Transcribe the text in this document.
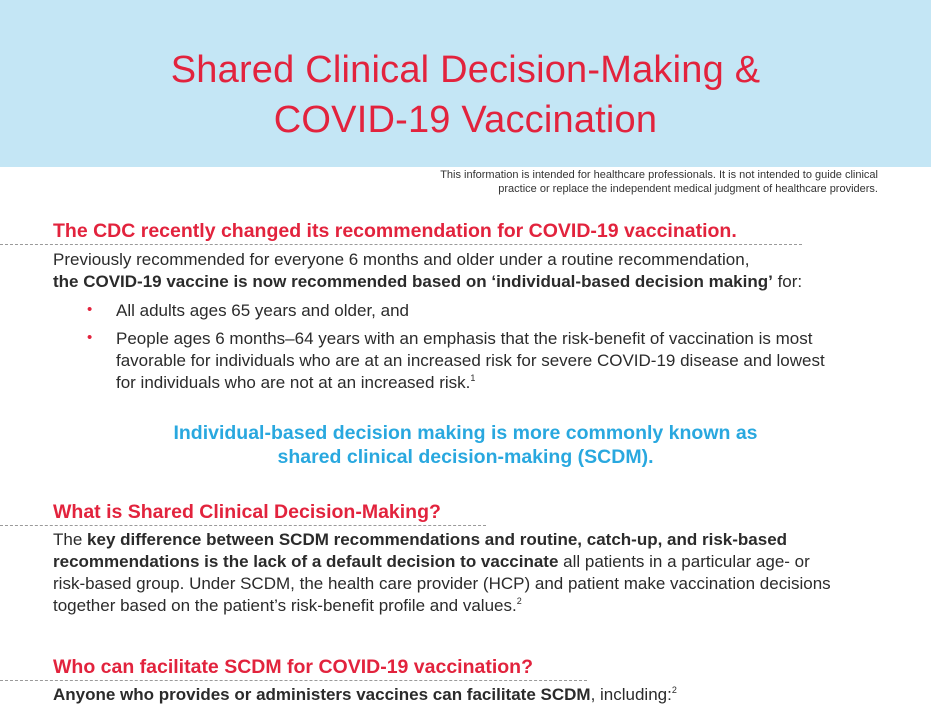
Shared Clinical Decision-Making &
COVID-19 Vaccination
This information is intended for healthcare professionals. It is not intended to guide clinical
practice or replace the independent medical judgment of healthcare providers.
The CDC recently changed its recommendation for COVID-19 vaccination.
Previously recommended for everyone 6 months and older under a routine recommendation,
the COVID-19 vaccine is now recommended based on ‘individual-based decision making’ for:
• All adults ages 65 years and older, and
• People ages 6 months–64 years with an emphasis that the risk-benefit of vaccination is most
favorable for individuals who are at an increased risk for severe COVID-19 disease and lowest
for individuals who are not at an increased risk.$^1$
Individual-based decision making is more commonly known as
shared clinical decision-making (SCDM).
What is Shared Clinical Decision-Making?
The key difference between SCDM recommendations and routine, catch-up, and risk-based
recommendations is the lack of a default decision to vaccinate all patients in a particular age- or
risk-based group. Under SCDM, the health care provider (HCP) and patient make vaccination decisions
together based on the patient’s risk-benefit profile and values.$^2$
Who can facilitate SCDM for COVID-19 vaccination?
Anyone who provides or administers vaccines can facilitate SCDM, including:$^2$
